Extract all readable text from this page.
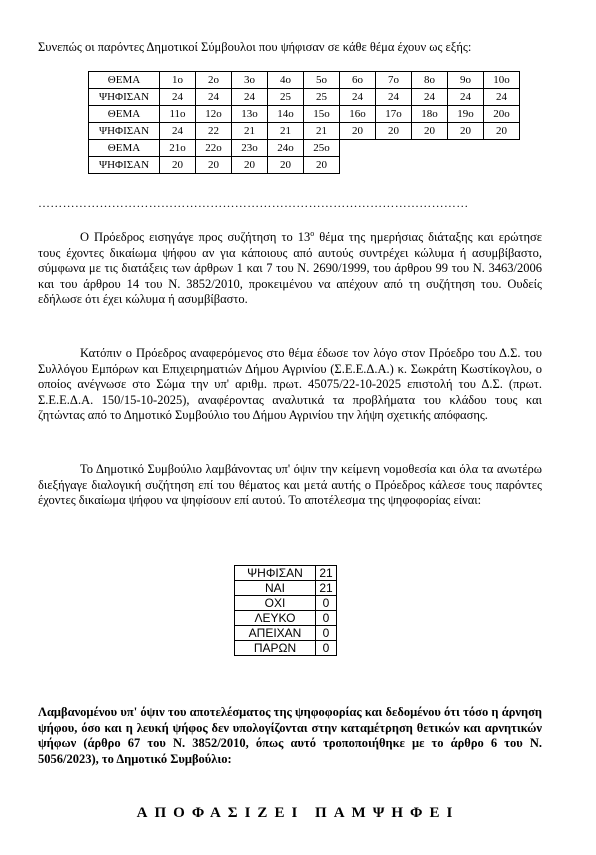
Συνεπώς οι παρόντες Δημοτικοί Σύμβουλοι που ψήφισαν σε κάθε θέμα έχουν ως εξής:
ΘΕΜΑ	1ο	2ο	3ο	4ο	5ο	6ο	7ο	8ο	9ο	10ο
ΨΗΦΙΣΑΝ	24	24	24	25	25	24	24	24	24	24
ΘΕΜΑ	11ο	12ο	13ο	14ο	15ο	16ο	17ο	18ο	19ο	20ο
ΨΗΦΙΣΑΝ	24	22	21	21	21	20	20	20	20	20
ΘΕΜΑ	21ο	22ο	23ο	24ο	25ο					
ΨΗΦΙΣΑΝ	20	20	20	20	20					
……………………………………………………………………………………………
Ο Πρόεδρος εισηγάγε προς συζήτηση το $13^o$ θέμα της ημερήσιας διάταξης και ερώτησε τους έχοντες δικαίωμα ψήφου αν για κάποιους από αυτούς συντρέχει κώλυμα ή ασυμβίβαστο, σύμφωνα με τις διατάξεις των άρθρων 1 και 7 του Ν. 2690/1999, του άρθρου 99 του Ν. 3463/2006 και του άρθρου 14 του Ν. 3852/2010, προκειμένου να απέχουν από τη συζήτηση του. Ουδείς εδήλωσε ότι έχει κώλυμα ή ασυμβίβαστο.
Κατόπιν ο Πρόεδρος αναφερόμενος στο θέμα έδωσε τον λόγο στον Πρόεδρο του Δ.Σ. του Συλλόγου Εμπόρων και Επιχειρηματιών Δήμου Αγρινίου (Σ.Ε.Ε.Δ.Α.) κ. Σωκράτη Κωστίκογλου, ο οποίος ανέγνωσε στο Σώμα την υπ' αριθμ. πρωτ. 45075/22-10-2025 επιστολή του Δ.Σ. (πρωτ. Σ.Ε.Ε.Δ.Α. 150/15-10-2025), αναφέροντας αναλυτικά τα προβλήματα του κλάδου τους και ζητώντας από το Δημοτικό Συμβούλιο του Δήμου Αγρινίου την λήψη σχετικής απόφασης.
Το Δημοτικό Συμβούλιο λαμβάνοντας υπ' όψιν την κείμενη νομοθεσία και όλα τα ανωτέρω διεξήγαγε διαλογική συζήτηση επί του θέματος και μετά αυτής ο Πρόεδρος κάλεσε τους παρόντες έχοντες δικαίωμα ψήφου να ψηφίσουν επί αυτού. Το αποτέλεσμα της ψηφοφορίας είναι:
ΨΗΦΙΣΑΝ	21
ΝΑΙ	21
ΟΧΙ	0
ΛΕΥΚΟ	0
ΑΠΕΙΧΑΝ	0
ΠΑΡΩΝ	0
Λαμβανομένου υπ' όψιν του αποτελέσματος της ψηφοφορίας και δεδομένου ότι τόσο η άρνηση ψήφου, όσο και η λευκή ψήφος δεν υπολογίζονται στην καταμέτρηση θετικών και αρνητικών ψήφων (άρθρο 67 του Ν. 3852/2010, όπως αυτό τροποποιήθηκε με το άρθρο 6 του Ν. 5056/2023), το Δημοτικό Συμβούλιο:
ΑΠΟΦΑΣΙΖΕΙ ΠΑΜΨΗΦΕΙ
